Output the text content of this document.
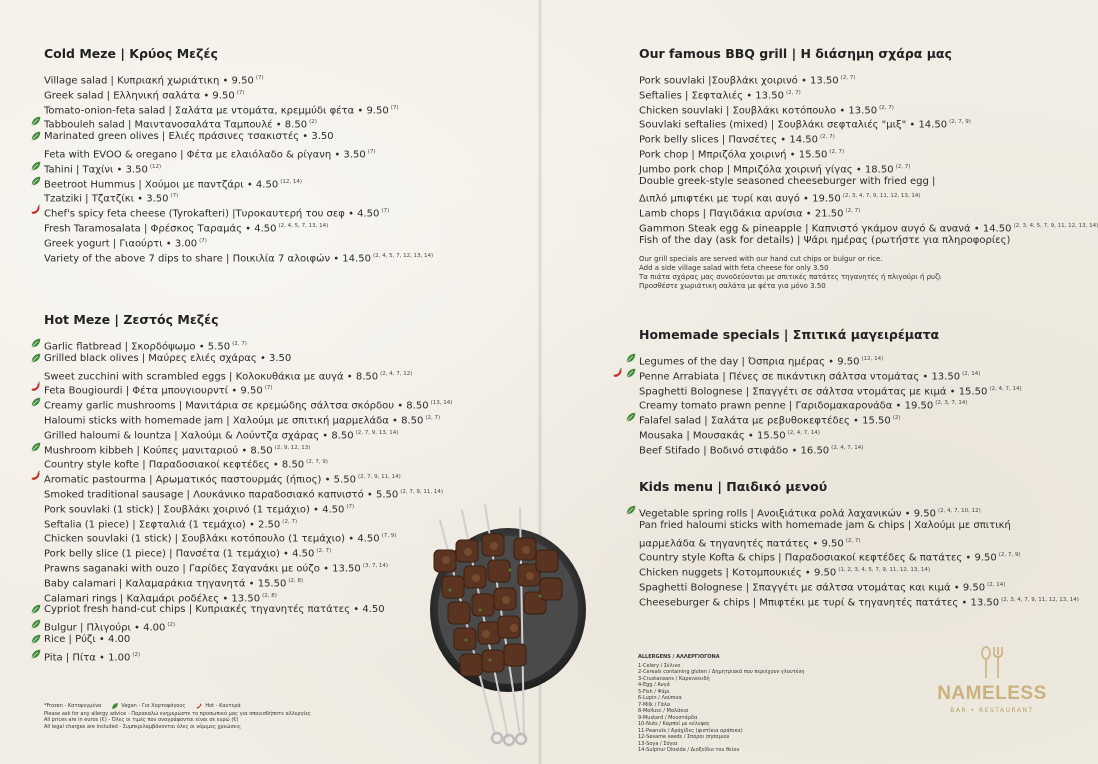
Cold Meze | Κρύος Μεζές
Village salad | Κυπριακή χωριάτικη • 9.50 $^{(7)}$
Greek salad | Ελληνική σαλάτα • 9.50 $^{(7)}$
Tomato-onion-feta salad | Σαλάτα με ντομάτα, κρεμμύδι φέτα • 9.50 $^{(7)}$
Tabbouleh salad | Μαιντανοσαλάτα Ταμπουλέ • 8.50 $^{(2)}$
Marinated green olives | Ελιές πράσινες τσακιστές • 3.50
Feta with EVOO & oregano | Φέτα με ελαιόλαδο & ρίγανη • 3.50 $^{(7)}$
Tahini | Ταχίνι • 3.50 $^{(12)}$
Beetroot Hummus | Χούμοι με παντζάρι • 4.50 $^{(12, 14)}$
Tzatziki | Τζατζίκι • 3.50 $^{(7)}$
Chef's spicy feta cheese (Tyrokafteri) |Τυροκαυτερή του σεφ • 4.50 $^{(7)}$
Fresh Taramosalata | Φρέσκος Ταραμάς • 4.50 $^{(2, 4, 5, 7, 13, 14)}$
Greek yogurt | Γιαούρτι • 3.00 $^{(7)}$
Variety of the above 7 dips to share | Ποικιλία 7 αλοιφών • 14.50 $^{(2, 4, 5, 7, 12, 13, 14)}$
Hot Meze | Ζεστός Μεζές
Garlic flatbread | Σκορδόψωμο • 5.50 $^{(2, 7)}$
Grilled black olives | Μαύρες ελιές σχάρας • 3.50
Sweet zucchini with scrambled eggs | Κολοκυθάκια με αυγά • 8.50 $^{(2, 4, 7, 12)}$
Feta Bougiourdi | Φέτα μπουγιουρντί • 9.50 $^{(7)}$
Creamy garlic mushrooms | Μανιτάρια σε κρεμώδης σάλτσα σκόρδου • 8.50 $^{(13, 14)}$
Haloumi sticks with homemade jam | Χαλούμι με σπιτική μαρμελάδα • 8.50 $^{(2, 7)}$
Grilled haloumi & lountza | Χαλούμι & Λούντζα σχάρας • 8.50 $^{(2, 7, 9, 13, 14)}$
Mushroom kibbeh | Κούπες μανιταριού • 8.50 $^{(2, 9, 12, 13)}$
Country style kofte | Παραδοσιακοί κεφτέδες • 8.50 $^{(2, 7, 9)}$
Aromatic pastourma | Αρωματικός παστουρμάς (ήπιος) • 5.50 $^{(2, 7, 9, 11, 14)}$
Smoked traditional sausage | Λουκάνικο παραδοσιακό καπνιστό • 5.50 $^{(2, 7, 9, 11, 14)}$
Pork souvlaki (1 stick) | Σουβλάκι χοιρινό (1 τεμάχιο) • 4.50 $^{(7)}$
Seftalia (1 piece) | Σεφταλιά (1 τεμάχιο) • 2.50 $^{(2, 7)}$
Chicken souvlaki (1 stick) | Σουβλάκι κοτόπουλο (1 τεμάχιο) • 4.50 $^{(7, 9)}$
Pork belly slice (1 piece) | Πανσέτα (1 τεμάχιο) • 4.50 $^{(2, 7)}$
Prawns saganaki with ouzo | Γαρίδες Σαγανάκι με ούζο • 13.50 $^{(3, 7, 14)}$
Baby calamari | Καλαμαράκια τηγανητά • 15.50 $^{(2, 8)}$
Calamari rings | Καλαμάρι ροδέλες • 13.50 $^{(2, 8)}$
Cypriot fresh hand-cut chips | Κυπριακές τηγανητές πατάτες • 4.50
Bulgur | Πλιγούρι • 4.00 $^{(2)}$
Rice | Ρύζι • 4.00
Pita | Πίτα • 1.00 $^{(2)}$
*Frozen - Κατεψυγμένα	Vegan - Για Χορτοφάγους	Hot - Καυτερά
Please ask for any allergy advice - Παρακαλώ ενημερώστε το προσωπικό μας για οποιεσδήποτε αλλεργίες
All prices are in euros (€) - Όλες οι τιμές που αναγράφονται είναι σε ευρώ (€)
All legal charges are included - Συμπεριλαμβάνονται όλες οι νόμιμες χρεώσεις
Our famous BBQ grill | Η διάσημη σχάρα μας
Pork souvlaki |Σουβλάκι χοιρινό • 13.50 $^{(2, 7)}$
Seftalies | Σεφταλιές • 13.50 $^{(2, 7)}$
Chicken souvlaki | Σουβλάκι κοτόπουλο • 13.50 $^{(2, 7)}$
Souvlaki seftalies (mixed) | Σουβλάκι σεφταλιές "μιξ" • 14.50 $^{(2, 7, 9)}$
Pork belly slices | Πανσέτες • 14.50 $^{(2, 7)}$
Pork chop | Μπριζόλα χοιρινή • 15.50 $^{(2, 7)}$
Jumbo pork chop | Μπριζόλα χοιρινή γίγας • 18.50 $^{(2, 7)}$
Double greek-style seasoned cheeseburger with fried egg |
Διπλό μπιφτέκι με τυρί και αυγό • 19.50 $^{(2, 3, 4, 7, 9, 11, 12, 13, 14)}$
Lamb chops | Παγιδάκια αρνίσια • 21.50 $^{(2, 7)}$
Gammon Steak egg & pineapple | Καπνιστό γκάμον αυγό & ανανά • 14.50 $^{(2, 3, 4, 5, 7, 9, 11, 12, 13, 14)}$
Fish of the day (ask for details) | Ψάρι ημέρας (ρωτήστε για πληροφορίες)
Our grill specials are served with our hand cut chips or bulgur or rice.
Add a side village salad with feta cheese for only 3.50
Τα πιάτα σχάρας μας συνοδεύονται με σπιτικές πατάτες τηγανητές ή πλιγούρι ή ρυζι
Προσθέστε χωριάτικη σαλάτα με φέτα για μόνο 3.50
Homemade specials | Σπιτικά μαγειρέματα
Legumes of the day | Όσπρια ημέρας • 9.50 $^{(12, 14)}$
Penne Arrabiata | Πένες σε πικάντικη σάλτσα ντομάτας • 13.50 $^{(2, 14)}$
Spaghetti Bolognese | Σπαγγέτι σε σάλτσα ντομάτας με κιμά • 15.50 $^{(2, 4, 7, 14)}$
Creamy tomato prawn penne | Γαριδομακαρονάδα • 19.50 $^{(2, 3, 7, 14)}$
Falafel salad | Σαλάτα με ρεβυθοκεφτέδες • 15.50 $^{(2)}$
Mousaka | Μουσακάς • 15.50 $^{(2, 4, 7, 14)}$
Beef Stifado | Βοδινό στιφάδο • 16.50 $^{(2, 4, 7, 14)}$
Kids menu | Παιδικό μενού
Vegetable spring rolls | Ανοιξιάτικα ρολά λαχανικών • 9.50 $^{(2, 4, 7, 10, 12)}$
Pan fried haloumi sticks with homemade jam & chips | Χαλούμι με σπιτική
μαρμελάδα & τηγανητές πατάτες • 9.50 $^{(2, 7)}$
Country style Kofta & chips | Παραδοσιακοί κεφτέδες & πατάτες • 9.50 $^{(2, 7, 9)}$
Chicken nuggets | Κοτομπουκιές • 9.50 $^{(1, 2, 3, 4, 5, 7, 9, 11, 12, 13, 14)}$
Spaghetti Bolognese | Σπαγγέτι με σάλτσα ντομάτας και κιμά • 9.50 $^{(2, 14)}$
Cheeseburger & chips | Μπιφτέκι με τυρί & τηγανητές πατάτες • 13.50 $^{(2, 3, 4, 7, 9, 11, 12, 13, 14)}$
ALLERGENS / ΑΛΛΕΡΓΙΟΓΟΝΑ
1-Celery / Σέλινο
2-Cereals containing gluten / Δημητριακά που περιέχουν γλουτένη
3-Crustaceans / Καρκινοειδή
4-Egg / Αυγά
5-Fish / Ψάρι
6-Lupin / Λούπινα
7-Milk / Γάλα
8-Mollusc / Μαλάκια
9-Mustard / Μουστάρδα
10-Nuts / Καρποί με κέλυφος
11-Peanuts / Αράχίδες (φιστίκια αράπικα)
12-Sesame seeds / Σπόροι σησαμιού
13-Soya / Σόγια
14-Sulphur Dioxide / Διοξείδιο του θείου
NAMELESS
BAR • RESTAURANT
